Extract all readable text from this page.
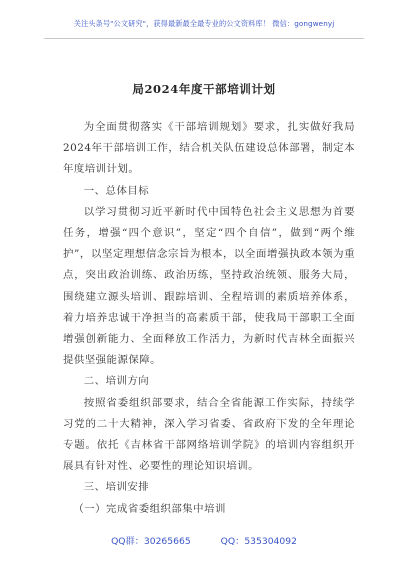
关注头条号"公文研究"，获得最新最全最专业的公文资料库！ 微信：gongwenyj
局2024年度干部培训计划

为全面贯彻落实《干部培训规划》要求，扎实做好我局2024年干部培训工作，结合机关队伍建设总体部署，制定本年度培训计划。

一、总体目标

以学习贯彻习近平新时代中国特色社会主义思想为首要任务，增强“四个意识”，坚定“四个自信”，做到“两个维护”，以坚定理想信念宗旨为根本，以全面增强执政本领为重点，突出政治训练、政治历练，坚持政治统领、服务大局，围绕建立源头培训、跟踪培训、全程培训的素质培养体系，着力培养忠诚干净担当的高素质干部，使我局干部职工全面增强创新能力、全面释放工作活力，为新时代吉林全面振兴提供坚强能源保障。

二、培训方向

按照省委组织部要求，结合全省能源工作实际，持续学习党的二十大精神，深入学习省委、省政府下发的全年理论专题。依托《吉林省干部网络培训学院》的培训内容组织开展具有针对性、必要性的理论知识培训。

三、培训安排

（一）完成省委组织部集中培训

QQ群：30265665	QQ：535304092
